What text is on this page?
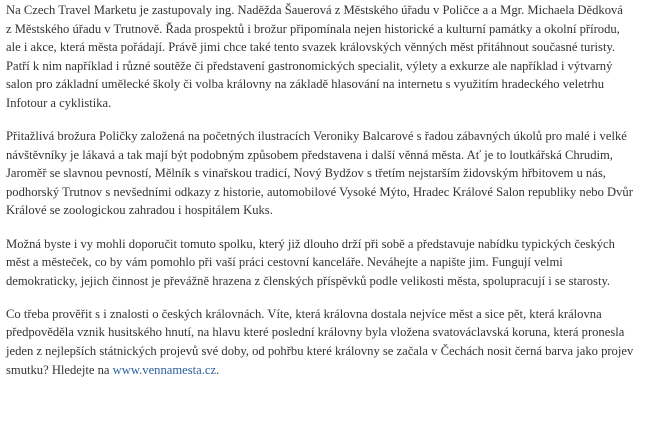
Na Czech Travel Marketu je zastupovaly ing. Naděžda Šauerová z Městského úřadu v Poličce a a Mgr. Michaela Dědková
z Městského úřadu v Trutnově. Řada prospektů i brožur připomínala nejen historické a kulturní památky a okolní přírodu,
ale i akce, která města pořádají. Právě jimi chce také tento svazek královských věnných měst přitáhnout současné turisty.
Patří k nim například i různé soutěže či představení gastronomických specialit, výlety a exkurze ale například i výtvarný
salon pro základní umělecké školy či volba královny na základě hlasování na internetu s využitím hradeckého veletrhu
Infotour a cyklistika.

Přitažlivá brožura Poličky založená na početných ilustracích Veroniky Balcarové s řadou zábavných úkolů pro malé i velké
návštěvníky je lákavá a tak mají být podobným způsobem představena i další věnná města. Ať je to loutkářská Chrudim,
Jaroměř se slavnou pevností, Mělník s vinařskou tradicí, Nový Bydžov s třetím nejstarším židovským hřbitovem u nás,
podhorský Trutnov s nevšedními odkazy z historie, automobilové Vysoké Mýto, Hradec Králové Salon republiky nebo Dvůr
Králové se zoologickou zahradou i hospitálem Kuks.

Možná byste i vy mohli doporučit tomuto spolku, který již dlouho drží při sobě a představuje nabídku typických českých
měst a městeček, co by vám pomohlo při vaší práci cestovní kanceláře. Neváhejte a napište jim. Fungují velmi
demokraticky, jejich činnost je převážně hrazena z členských příspěvků podle velikosti města, spolupracují i se starosty.

Co třeba prověřit s i znalosti o českých královnách. Víte, která královna dostala nejvíce měst a sice pět, která královna
předpověděla vznik husitského hnutí, na hlavu které poslední královny byla vložena svatováclavská koruna, která pronesla
jeden z nejlepších státnických projevů své doby, od pohřbu které královny se začala v Čechách nosit černá barva jako projev
smutku? Hledejte na www.vennamesta.cz.
